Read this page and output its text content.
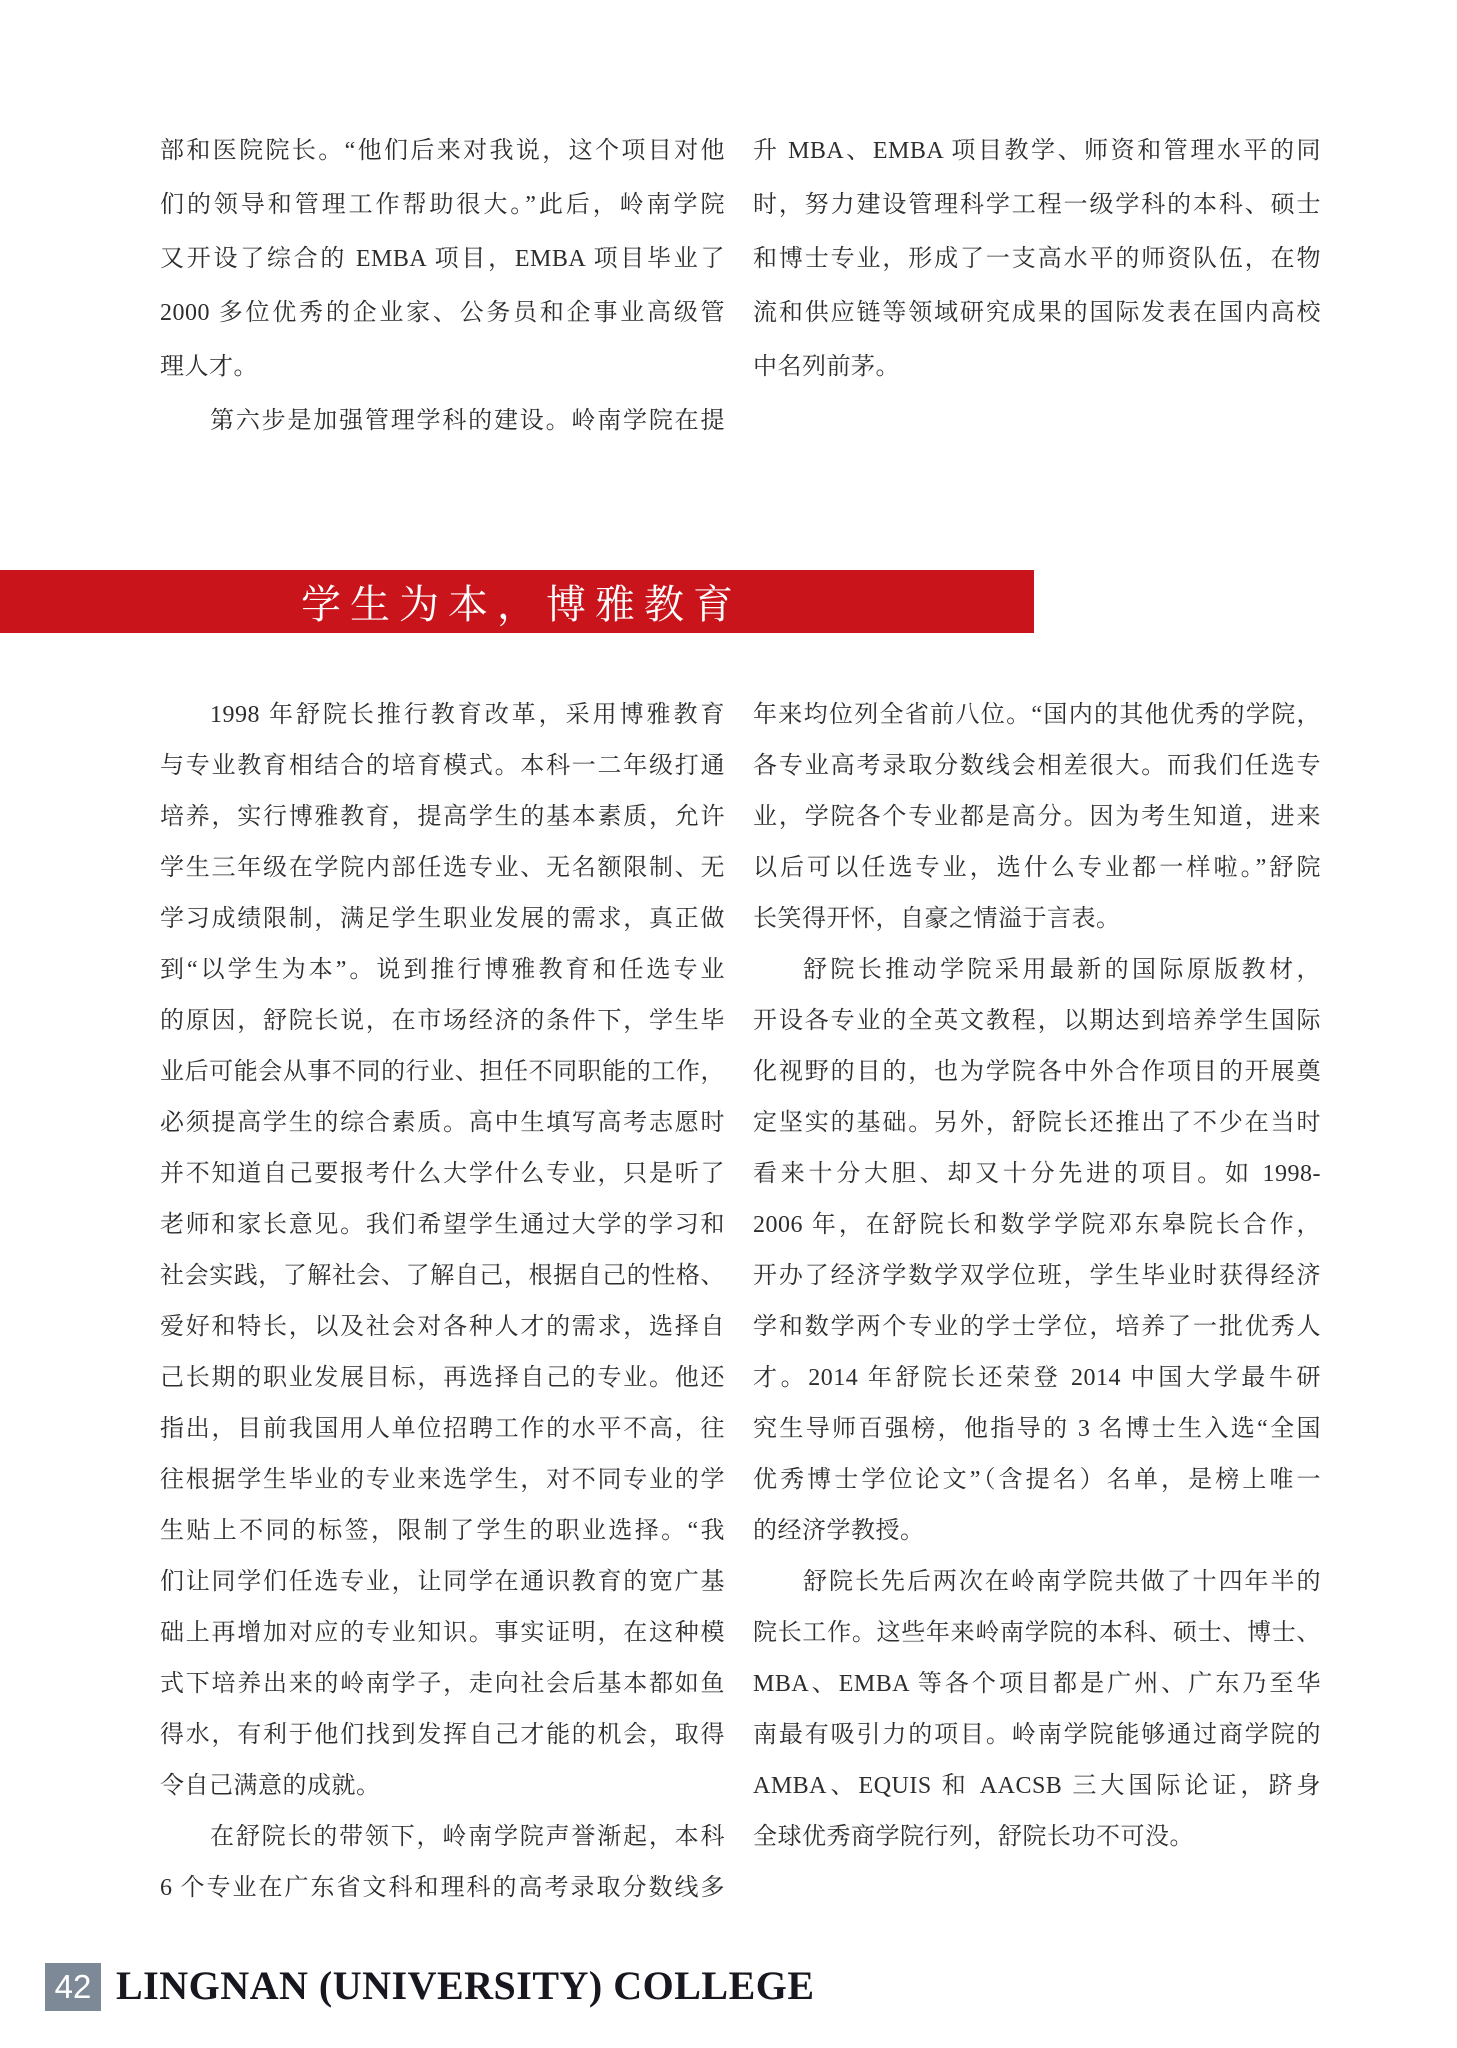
部和医院院长。“他们后来对我说，这个项目对他
们的领导和管理工作帮助很大。”此后，岭南学院
又开设了综合的 EMBA 项目，EMBA 项目毕业了
2000 多位优秀的企业家、公务员和企事业高级管
理人才。
第六步是加强管理学科的建设。岭南学院在提
升 MBA、EMBA 项目教学、师资和管理水平的同
时，努力建设管理科学工程一级学科的本科、硕士
和博士专业，形成了一支高水平的师资队伍，在物
流和供应链等领域研究成果的国际发表在国内高校
中名列前茅。
学生为本，博雅教育
1998 年舒院长推行教育改革，采用博雅教育
与专业教育相结合的培育模式。本科一二年级打通
培养，实行博雅教育，提高学生的基本素质，允许
学生三年级在学院内部任选专业、无名额限制、无
学习成绩限制，满足学生职业发展的需求，真正做
到“以学生为本”。说到推行博雅教育和任选专业
的原因，舒院长说，在市场经济的条件下，学生毕
业后可能会从事不同的行业、担任不同职能的工作，
必须提高学生的综合素质。高中生填写高考志愿时
并不知道自己要报考什么大学什么专业，只是听了
老师和家长意见。我们希望学生通过大学的学习和
社会实践，了解社会、了解自己，根据自己的性格、
爱好和特长，以及社会对各种人才的需求，选择自
己长期的职业发展目标，再选择自己的专业。他还
指出，目前我国用人单位招聘工作的水平不高，往
往根据学生毕业的专业来选学生，对不同专业的学
生贴上不同的标签，限制了学生的职业选择。“我
们让同学们任选专业，让同学在通识教育的宽广基
础上再增加对应的专业知识。事实证明，在这种模
式下培养出来的岭南学子，走向社会后基本都如鱼
得水，有利于他们找到发挥自己才能的机会，取得
令自己满意的成就。
在舒院长的带领下，岭南学院声誉渐起，本科
6 个专业在广东省文科和理科的高考录取分数线多
年来均位列全省前八位。“国内的其他优秀的学院，
各专业高考录取分数线会相差很大。而我们任选专
业，学院各个专业都是高分。因为考生知道，进来
以后可以任选专业，选什么专业都一样啦。”舒院
长笑得开怀，自豪之情溢于言表。
舒院长推动学院采用最新的国际原版教材，
开设各专业的全英文教程，以期达到培养学生国际
化视野的目的，也为学院各中外合作项目的开展奠
定坚实的基础。另外，舒院长还推出了不少在当时
看来十分大胆、却又十分先进的项目。如 1998-
2006 年，在舒院长和数学学院邓东皋院长合作，
开办了经济学数学双学位班，学生毕业时获得经济
学和数学两个专业的学士学位，培养了一批优秀人
才。2014 年舒院长还荣登 2014 中国大学最牛研
究生导师百强榜，他指导的 3 名博士生入选“全国
优秀博士学位论文”（含提名）名单，是榜上唯一
的经济学教授。
舒院长先后两次在岭南学院共做了十四年半的
院长工作。这些年来岭南学院的本科、硕士、博士、
MBA、EMBA 等各个项目都是广州、广东乃至华
南最有吸引力的项目。岭南学院能够通过商学院的
AMBA、EQUIS 和 AACSB 三大国际论证，跻身
全球优秀商学院行列，舒院长功不可没。
42 LINGNAN (UNIVERSITY) COLLEGE
